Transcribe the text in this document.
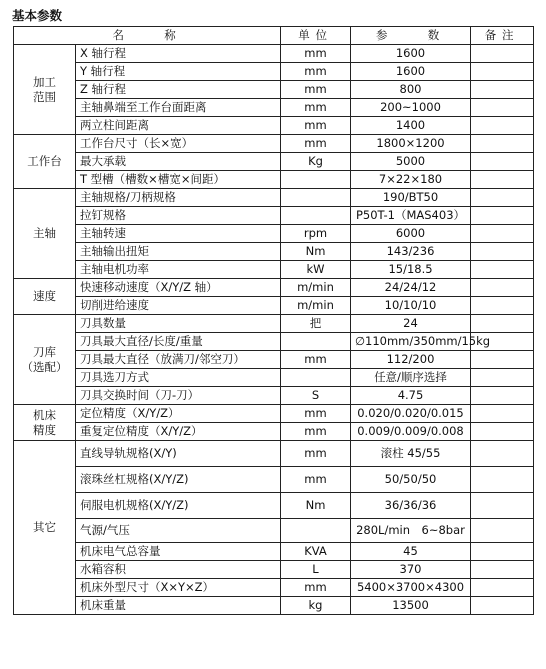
基本参数
名　　称		单位	参　　数	备注
加工
范围	X 轴行程	mm	1600	
	Y 轴行程	mm	1600	
	Z 轴行程	mm	800	
	主轴鼻端至工作台面距离	mm	200~1000	
	两立柱间距离	mm	1400	
工作台	工作台尺寸（长×宽）	mm	1800×1200	
	最大承载	Kg	5000	
	T 型槽（槽数×槽宽×间距）		7×22×180	
主轴	主轴规格/刀柄规格		190/BT50	
	拉钉规格		P50T-1（MAS403）	
	主轴转速	rpm	6000	
	主轴输出扭矩	Nm	143/236	
	主轴电机功率	kW	15/18.5	
速度	快速移动速度（X/Y/Z 轴）	m/min	24/24/12	
	切削进给速度	m/min	10/10/10	
刀库
（选配）	刀具数量	把	24	
	刀具最大直径/长度/重量		∅110mm/350mm/15kg	
	刀具最大直径（放满刀/邻空刀）	mm	112/200	
	刀具选刀方式		任意/顺序选择	
	刀具交换时间（刀-刀）	S	4.75	
机床
精度	定位精度（X/Y/Z）	mm	0.020/0.020/0.015	
	重复定位精度（X/Y/Z）	mm	0.009/0.009/0.008	
其它	直线导轨规格(X/Y)	mm	滚柱 45/55	
	滚珠丝杠规格(X/Y/Z)	mm	50/50/50	
	伺服电机规格(X/Y/Z)	Nm	36/36/36	
	气源/气压		280L/min　6~8bar	
	机床电气总容量	KVA	45	
	水箱容积	L	370	
	机床外型尺寸（X×Y×Z）	mm	5400×3700×4300	
	机床重量	kg	13500	
